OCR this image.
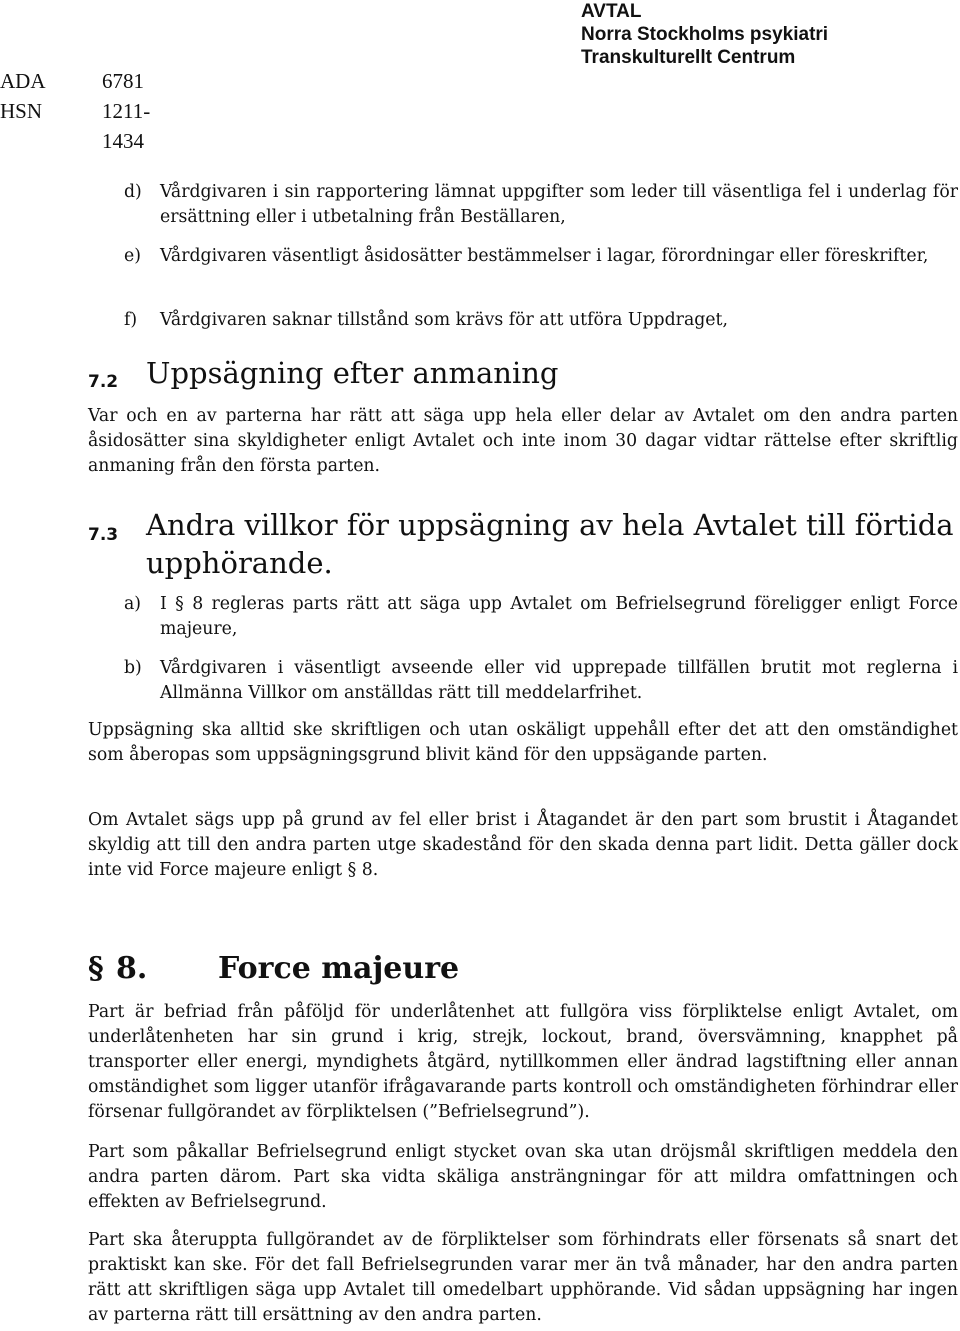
AVTAL
Norra Stockholms psykiatri
Transkulturellt Centrum
ADA	6781
HSN	1211-1434
d) Vårdgivaren i sin rapportering lämnat uppgifter som leder till väsentliga fel i underlag för ersättning eller i utbetalning från Beställaren,
e) Vårdgivaren väsentligt åsidosätter bestämmelser i lagar, förordningar eller föreskrifter,
f) Vårdgivaren saknar tillstånd som krävs för att utföra Uppdraget,
7.2 Uppsägning efter anmaning
Var och en av parterna har rätt att säga upp hela eller delar av Avtalet om den andra parten åsidosätter sina skyldigheter enligt Avtalet och inte inom 30 dagar vidtar rättelse efter skriftlig anmaning från den första parten.
7.3 Andra villkor för uppsägning av hela Avtalet till förtida upphörande.
a) I § 8 regleras parts rätt att säga upp Avtalet om Befrielsegrund föreligger enligt Force majeure,
b) Vårdgivaren i väsentligt avseende eller vid upprepade tillfällen brutit mot reglerna i Allmänna Villkor om anställdas rätt till meddelarfrihet.
Uppsägning ska alltid ske skriftligen och utan oskäligt uppehåll efter det att den omständighet som åberopas som uppsägningsgrund blivit känd för den uppsägande parten.
Om Avtalet sägs upp på grund av fel eller brist i Åtagandet är den part som brustit i Åtagandet skyldig att till den andra parten utge skadestånd för den skada denna part lidit. Detta gäller dock inte vid Force majeure enligt § 8.
§ 8. Force majeure
Part är befriad från påföljd för underlåtenhet att fullgöra viss förpliktelse enligt Avtalet, om underlåtenheten har sin grund i krig, strejk, lockout, brand, översvämning, knapphet på transporter eller energi, myndighets åtgärd, nytillkommen eller ändrad lagstiftning eller annan omständighet som ligger utanför ifrågavarande parts kontroll och omständigheten förhindrar eller försenar fullgörandet av förpliktelsen (”Befrielsegrund”).
Part som påkallar Befrielsegrund enligt stycket ovan ska utan dröjsmål skriftligen meddela den andra parten därom. Part ska vidta skäliga ansträngningar för att mildra omfattningen och effekten av Befrielsegrund.
Part ska återuppta fullgörandet av de förpliktelser som förhindrats eller försenats så snart det praktiskt kan ske. För det fall Befrielsegrunden varar mer än två månader, har den andra parten rätt att skriftligen säga upp Avtalet till omedelbart upphörande. Vid sådan uppsägning har ingen av parterna rätt till ersättning av den andra parten.
